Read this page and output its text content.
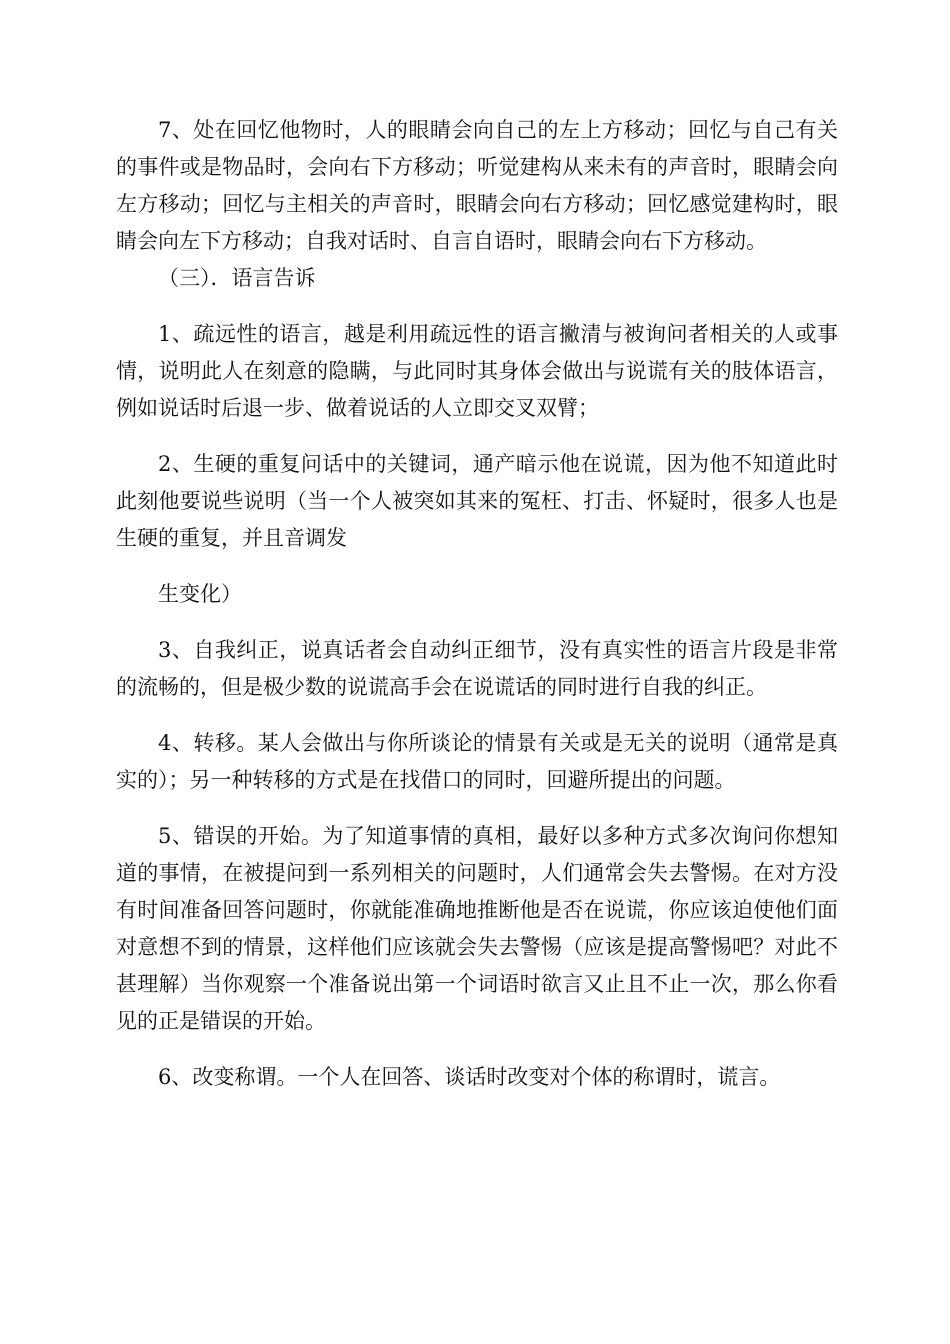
7、处在回忆他物时，人的眼睛会向自己的左上方移动；回忆与自己有关的事件或是物品时，会向右下方移动；听觉建构从来未有的声音时，眼睛会向左方移动；回忆与主相关的声音时，眼睛会向右方移动；回忆感觉建构时，眼睛会向左下方移动；自我对话时、自言自语时，眼睛会向右下方移动。

（三）．语言告诉

1、疏远性的语言，越是利用疏远性的语言撇清与被询问者相关的人或事情，说明此人在刻意的隐瞒，与此同时其身体会做出与说谎有关的肢体语言，例如说话时后退一步、做着说话的人立即交叉双臂；

2、生硬的重复问话中的关键词，通产暗示他在说谎，因为他不知道此时此刻他要说些说明（当一个人被突如其来的冤枉、打击、怀疑时，很多人也是生硬的重复，并且音调发

生变化）

3、自我纠正，说真话者会自动纠正细节，没有真实性的语言片段是非常的流畅的，但是极少数的说谎高手会在说谎话的同时进行自我的纠正。

4、转移。某人会做出与你所谈论的情景有关或是无关的说明（通常是真实的）；另一种转移的方式是在找借口的同时，回避所提出的问题。

5、错误的开始。为了知道事情的真相，最好以多种方式多次询问你想知道的事情，在被提问到一系列相关的问题时，人们通常会失去警惕。在对方没有时间准备回答问题时，你就能准确地推断他是否在说谎，你应该迫使他们面对意想不到的情景，这样他们应该就会失去警惕（应该是提高警惕吧？对此不甚理解）当你观察一个准备说出第一个词语时欲言又止且不止一次，那么你看见的正是错误的开始。

6、改变称谓。一个人在回答、谈话时改变对个体的称谓时，谎言。
